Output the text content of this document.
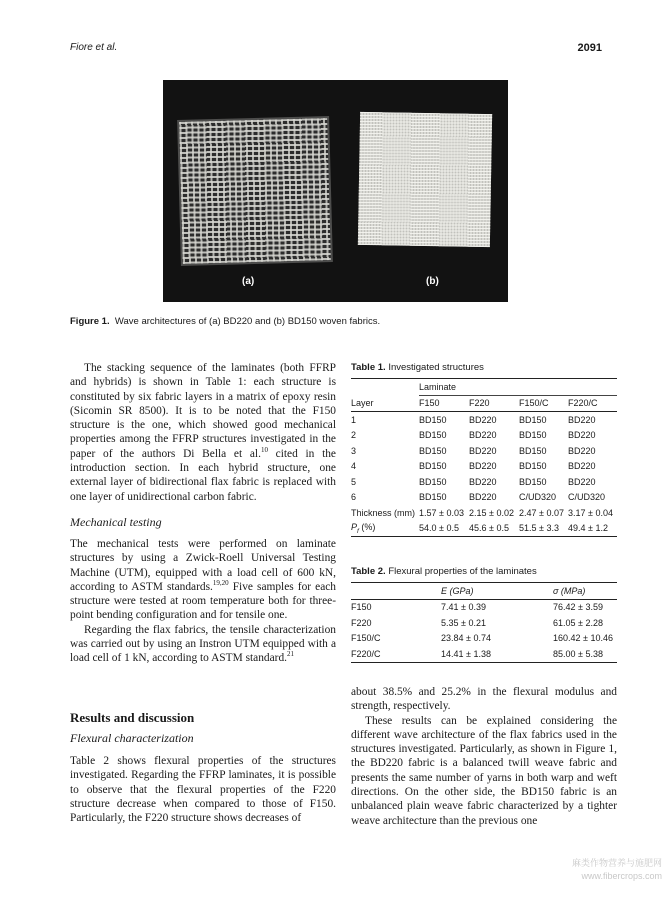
Fiore et al.	2091
(a)	(b)
Figure 1. Wave architectures of (a) BD220 and (b) BD150 woven fabrics.

The stacking sequence of the laminates (both FFRP and hybrids) is shown in Table 1: each structure is constituted by six fabric layers in a matrix of epoxy resin (Sicomin SR 8500). It is to be noted that the F150 structure is the one, which showed good mechanical properties among the FFRP structures investigated in the paper of the authors Di Bella et al.$^{10}$ cited in the introduction section. In each hybrid structure, one external layer of bidirectional flax fabric is replaced with one layer of unidirectional carbon fabric.

Mechanical testing

The mechanical tests were performed on laminate structures by using a Zwick-Roell Universal Testing Machine (UTM), equipped with a load cell of 600 kN, according to ASTM standards.$^{19,20}$ Five samples for each structure were tested at room temperature both for three-point bending configuration and for tensile one.

Regarding the flax fabrics, the tensile characterization was carried out by using an Instron UTM equipped with a load cell of 1 kN, according to ASTM standard.$^{21}$

Results and discussion
Flexural characterization

Table 2 shows flexural properties of the structures investigated. Regarding the FFRP laminates, it is possible to observe that the flexural properties of the F220 structure decrease when compared to those of F150. Particularly, the F220 structure shows decreases of

Table 1. Investigated structures

	Laminate			
Layer	F150	F220	F150/C	F220/C
1	BD150	BD220	BD150	BD220
2	BD150	BD220	BD150	BD220
3	BD150	BD220	BD150	BD220
4	BD150	BD220	BD150	BD220
5	BD150	BD220	BD150	BD220
6	BD150	BD220	C/UD320	C/UD320
Thickness (mm)	1.57 ± 0.03	2.15 ± 0.02	2.47 ± 0.07	3.17 ± 0.04
$P_f$ (%)	54.0 ± 0.5	45.6 ± 0.5	51.5 ± 3.3	49.4 ± 1.2

Table 2. Flexural properties of the laminates

	E (GPa)	σ (MPa)
F150	7.41 ± 0.39	76.42 ± 3.59
F220	5.35 ± 0.21	61.05 ± 2.28
F150/C	23.84 ± 0.74	160.42 ± 10.46
F220/C	14.41 ± 1.38	85.00 ± 5.38

about 38.5% and 25.2% in the flexural modulus and strength, respectively.

These results can be explained considering the different wave architecture of the flax fabrics used in the structures investigated. Particularly, as shown in Figure 1, the BD220 fabric is a balanced twill weave fabric and presents the same number of yarns in both warp and weft directions. On the other side, the BD150 fabric is an unbalanced plain weave fabric characterized by a tighter weave architecture than the previous one

麻类作物营养与施肥网
www.fibercrops.com
